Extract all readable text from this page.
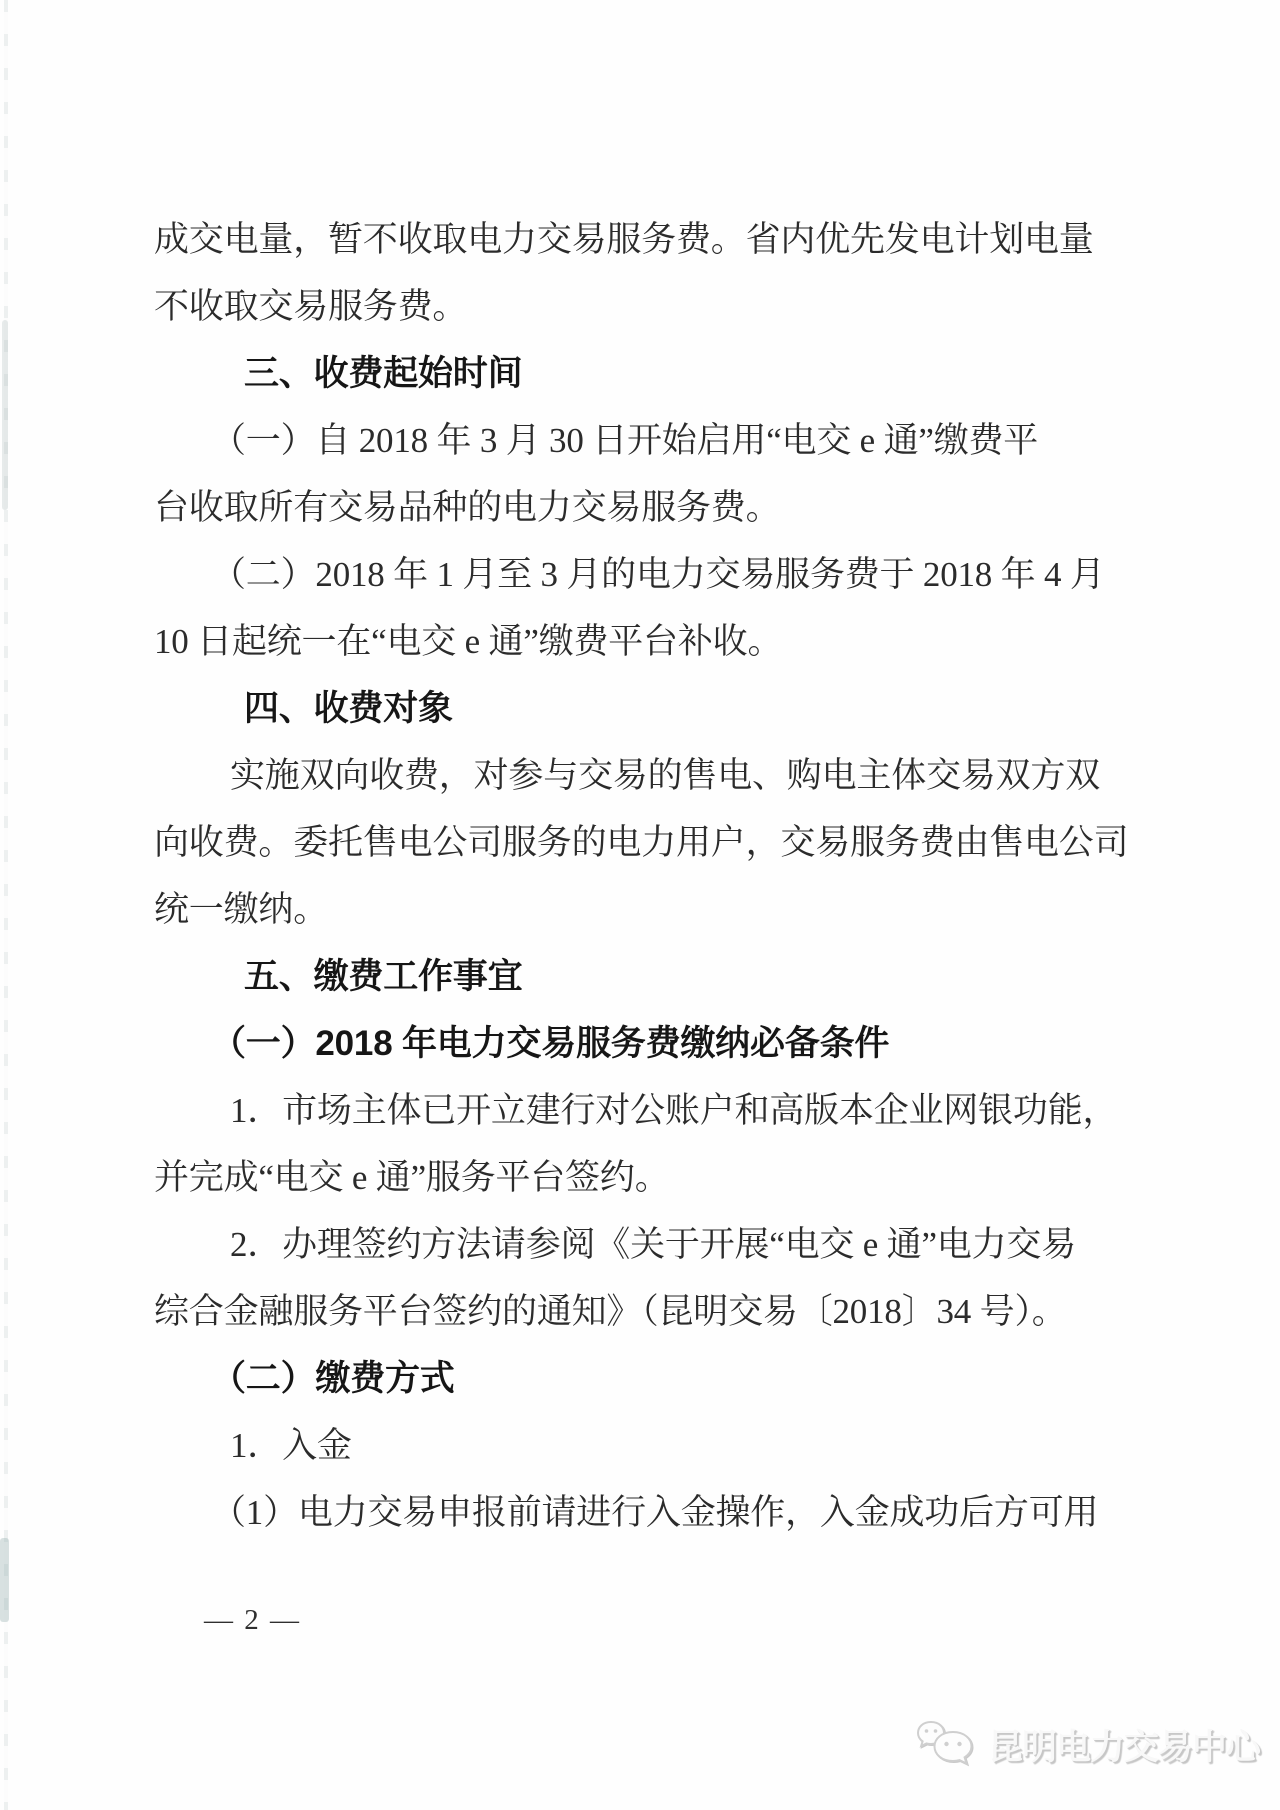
成交电量，暂不收取电力交易服务费。省内优先发电计划电量
不收取交易服务费。
三、收费起始时间
（一）自 2018 年 3 月 30 日开始启用“电交 e 通”缴费平
台收取所有交易品种的电力交易服务费。
（二）2018 年 1 月至 3 月的电力交易服务费于 2018 年 4 月
10 日起统一在“电交 e 通”缴费平台补收。
四、收费对象
实施双向收费，对参与交易的售电、购电主体交易双方双
向收费。委托售电公司服务的电力用户，交易服务费由售电公司
统一缴纳。
五、缴费工作事宜
（一）2018 年电力交易服务费缴纳必备条件
1．市场主体已开立建行对公账户和高版本企业网银功能，
并完成“电交 e 通”服务平台签约。
2．办理签约方法请参阅《关于开展“电交 e 通”电力交易
综合金融服务平台签约的通知》（昆明交易〔2018〕34 号）。
（二）缴费方式
1．入金
（1）电力交易申报前请进行入金操作，入金成功后方可用
— 2 —
昆明电力交易中心
